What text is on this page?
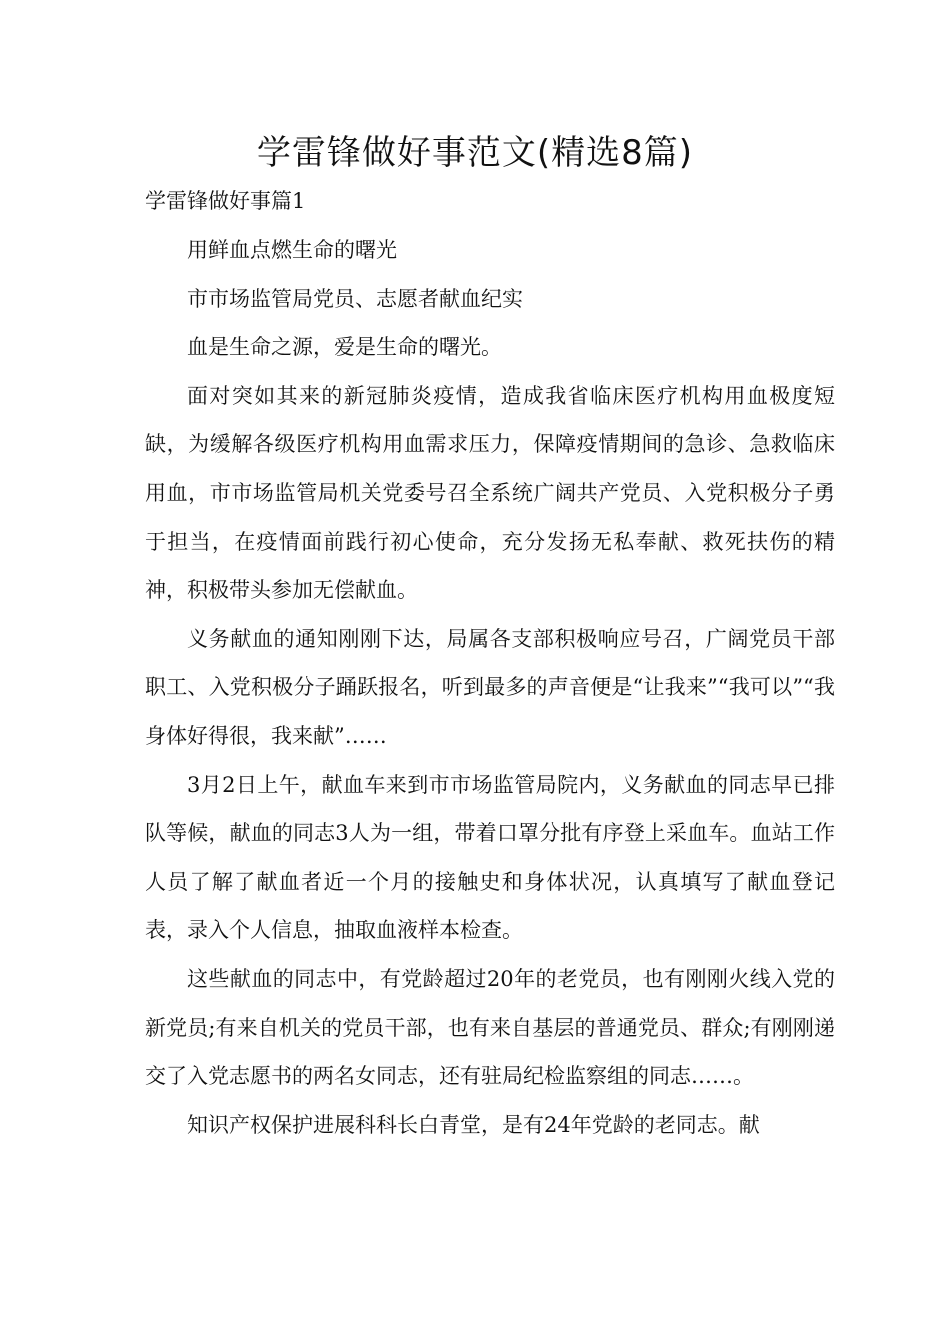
学雷锋做好事范文(精选8篇)
学雷锋做好事篇1

用鲜血点燃生命的曙光

市市场监管局党员、志愿者献血纪实

血是生命之源，爱是生命的曙光。

面对突如其来的新冠肺炎疫情，造成我省临床医疗机构用血极度短缺，为缓解各级医疗机构用血需求压力，保障疫情期间的急诊、急救临床用血，市市场监管局机关党委号召全系统广阔共产党员、入党积极分子勇于担当，在疫情面前践行初心使命，充分发扬无私奉献、救死扶伤的精神，积极带头参加无偿献血。

义务献血的通知刚刚下达，局属各支部积极响应号召，广阔党员干部职工、入党积极分子踊跃报名，听到最多的声音便是“让我来”“我可以”“我身体好得很，我来献”……

3月2日上午，献血车来到市市场监管局院内，义务献血的同志早已排队等候，献血的同志3人为一组，带着口罩分批有序登上采血车。血站工作人员了解了献血者近一个月的接触史和身体状况，认真填写了献血登记表，录入个人信息，抽取血液样本检查。

这些献血的同志中，有党龄超过20年的老党员，也有刚刚火线入党的新党员;有来自机关的党员干部，也有来自基层的普通党员、群众;有刚刚递交了入党志愿书的两名女同志，还有驻局纪检监察组的同志……。

知识产权保护进展科科长白青堂，是有24年党龄的老同志。献
